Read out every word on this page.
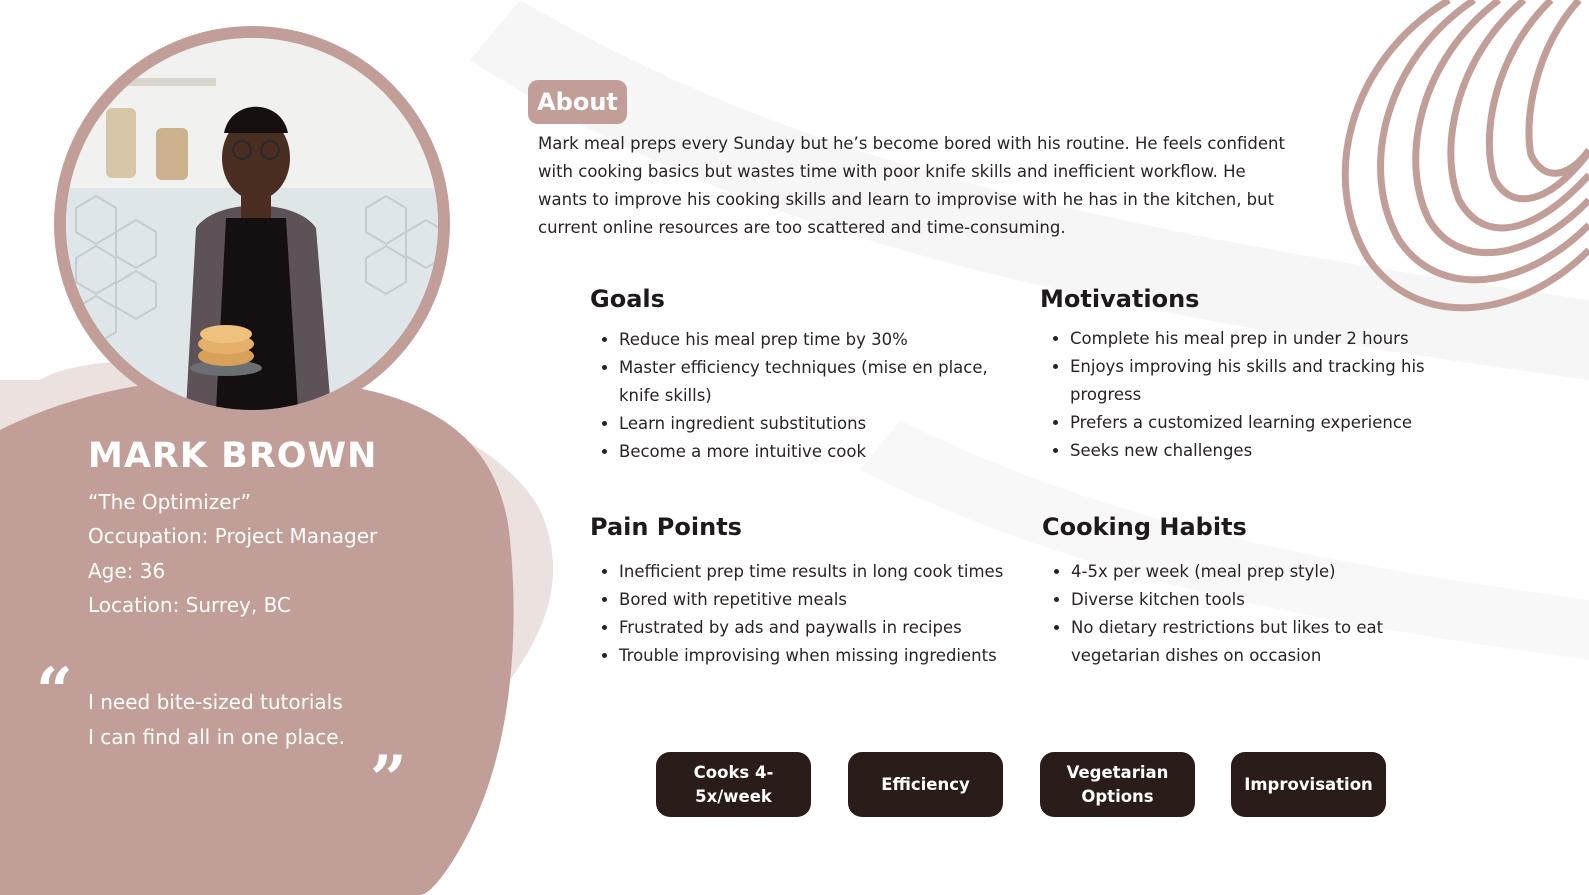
MARK BROWN
“The Optimizer”
Occupation: Project Manager
Age: 36
Location: Surrey, BC
“ I need bite-sized tutorials
I can find all in one place.
”
About
Mark meal preps every Sunday but he’s become bored with his routine. He feels confident with cooking basics but wastes time with poor knife skills and inefficient workflow. He wants to improve his cooking skills and learn to improvise with he has in the kitchen, but current online resources are too scattered and time-consuming.
Goals
• Reduce his meal prep time by 30%
• Master efficiency techniques (mise en place, knife skills)
• Learn ingredient substitutions
• Become a more intuitive cook
Motivations
• Complete his meal prep in under 2 hours
• Enjoys improving his skills and tracking his progress
• Prefers a customized learning experience
• Seeks new challenges
Pain Points
• Inefficient prep time results in long cook times
• Bored with repetitive meals
• Frustrated by ads and paywalls in recipes
• Trouble improvising when missing ingredients
Cooking Habits
• 4-5x per week (meal prep style)
• Diverse kitchen tools
• No dietary restrictions but likes to eat vegetarian dishes on occasion
Cooks 4-5x/week
Efficiency
Vegetarian Options
Improvisation
